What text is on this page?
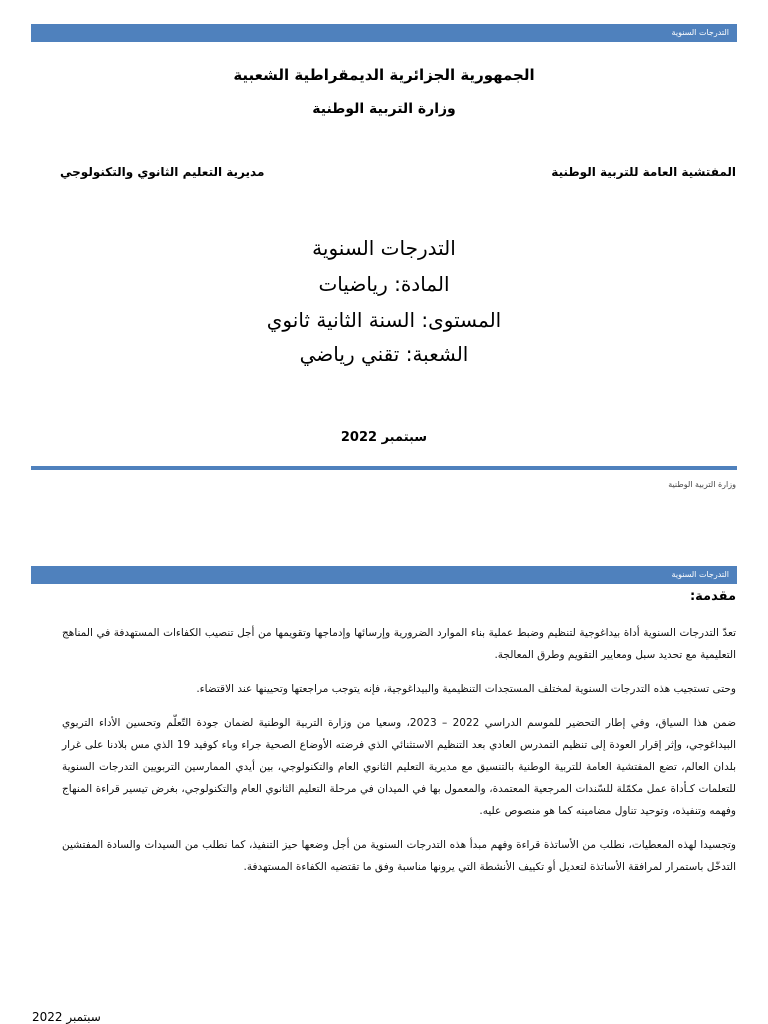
التدرجات السنوية
الجمهورية الجزائرية الديمقراطية الشعبية
وزارة التربية الوطنية
المفتشية العامة للتربية الوطنية
مديرية التعليم الثانوي والتكنولوجي
التدرجات السنوية
المادة: رياضيات
المستوى: السنة الثانية ثانوي
الشعبة: تقني رياضي
سبتمبر 2022
وزارة التربية الوطنية
التدرجات السنوية
مقدمة:

تعدّ التدرجات السنوية أداة بيداغوجية لتنظيم وضبط عملية بناء الموارد الضرورية وإرسائها وإدماجها وتقويمها من أجل تنصيب الكفاءات المستهدفة في المناهج التعليمية مع تحديد سبل ومعايير التقويم وطرق المعالجة.

وحتى تستجيب هذه التدرجات السنوية لمختلف المستجدات التنظيمية والبيداغوجية، فإنه يتوجب مراجعتها وتحيينها عند الاقتضاء.

ضمن هذا السياق، وفي إطار التحضير للموسم الدراسي 2022 – 2023، وسعيا من وزارة التربية الوطنية لضمان جودة التّعلّم وتحسين الأداء التربوي البيداغوجي، وإثر إقرار العودة إلى تنظيم التمدرس العادي بعد التنظيم الاستثنائي الذي فرضته الأوضاع الصحية جراء وباء كوفيد 19 الذي مس بلادنا على غرار بلدان العالم، تضع المفتشية العامة للتربية الوطنية بالتنسيق مع مديرية التعليم الثانوي العام والتكنولوجي، بين أيدي الممارسين التربويين التدرجات السنوية للتعلمات كـأداة عمل مكمّلة للسّندات المرجعية المعتمدة، والمعمول بها في الميدان في مرحلة التعليم الثانوي العام والتكنولوجي، بغرض تيسير قراءة المنهاج وفهمه وتنفيذه، وتوحيد تناول مضامينه كما هو منصوص عليه.

وتجسيدا لهذه المعطيات، نطلب من الأساتذة قراءة وفهم مبدأ هذه التدرجات السنوية من أجل وضعها حيز التنفيذ، كما نطلب من السيدات والسادة المفتشين التدخّل باستمرار لمرافقة الأساتذة لتعديل أو تكييف الأنشطة التي يرونها مناسبة وفق ما تقتضيه الكفاءة المستهدفة.

سبتمبر 2022
